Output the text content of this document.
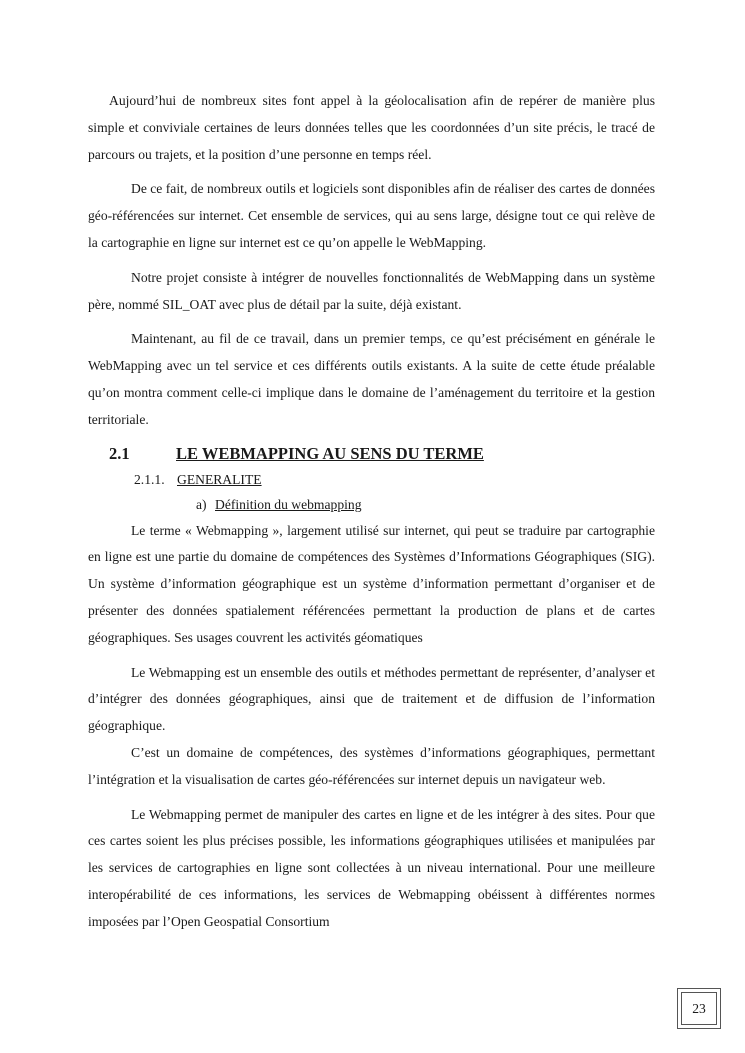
Aujourd’hui de nombreux sites font appel à la géolocalisation afin de repérer de manière plus simple et conviviale certaines de leurs données telles que les coordonnées d’un site précis, le tracé de parcours ou trajets, et la position d’une personne en temps réel.

De ce fait, de nombreux outils et logiciels sont disponibles afin de réaliser des cartes de données géo-référencées sur internet. Cet ensemble de services, qui au sens large, désigne tout ce qui relève de la cartographie en ligne sur internet est ce qu’on appelle le WebMapping.

Notre projet consiste à intégrer de nouvelles fonctionnalités de WebMapping dans un système père, nommé SIL_OAT avec plus de détail par la suite, déjà existant.

Maintenant, au fil de ce travail, dans un premier temps, ce qu’est précisément en générale le WebMapping avec un tel service et ces différents outils existants. A la suite de cette étude préalable qu’on montra comment celle-ci implique dans le domaine de l’aménagement du territoire et la gestion territoriale.

2.1	LE WEBMAPPING AU SENS DU TERME
2.1.1. GENERALITE
a) Définition du webmapping

Le terme « Webmapping », largement utilisé sur internet, qui peut se traduire par cartographie en ligne est une partie du domaine de compétences des Systèmes d’Informations Géographiques (SIG). Un système d’information géographique est un système d’information permettant d’organiser et de présenter des données spatialement référencées permettant la production de plans et de cartes géographiques. Ses usages couvrent les activités géomatiques

Le Webmapping est un ensemble des outils et méthodes permettant de représenter, d’analyser et d’intégrer des données géographiques, ainsi que de traitement et de diffusion de l’information géographique.

C’est un domaine de compétences, des systèmes d’informations géographiques, permettant l’intégration et la visualisation de cartes géo-référencées sur internet depuis un navigateur web.

Le Webmapping permet de manipuler des cartes en ligne et de les intégrer à des sites. Pour que ces cartes soient les plus précises possible, les informations géographiques utilisées et manipulées par les services de cartographies en ligne sont collectées à un niveau international. Pour une meilleure interopérabilité de ces informations, les services de Webmapping obéissent à différentes normes imposées par l’Open Geospatial Consortium

23
